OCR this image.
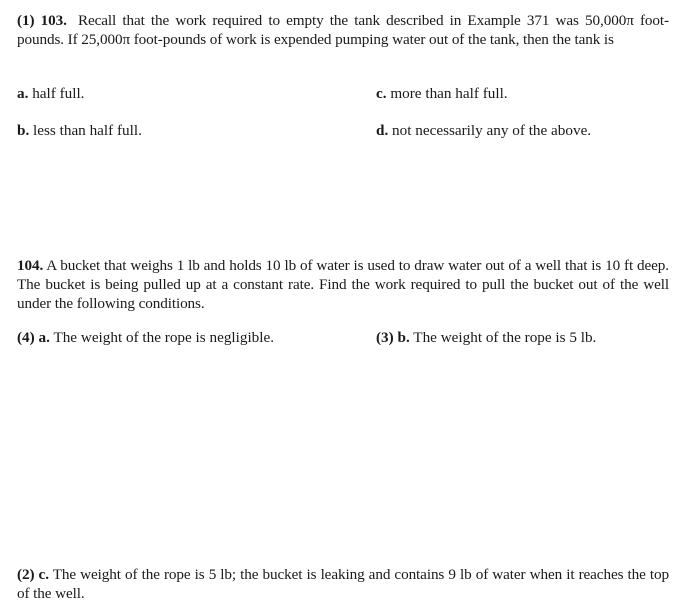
(1) 103. Recall that the work required to empty the tank described in Example 371 was 50,000π foot-pounds. If 25,000π foot-pounds of work is expended pumping water out of the tank, then the tank is
a. half full.
b. less than half full.
c. more than half full.
d. not necessarily any of the above.
104. A bucket that weighs 1 lb and holds 10 lb of water is used to draw water out of a well that is 10 ft deep. The bucket is being pulled up at a constant rate. Find the work required to pull the bucket out of the well under the following conditions.
(4) a. The weight of the rope is negligible.	(3) b. The weight of the rope is 5 lb.
(2) c. The weight of the rope is 5 lb; the bucket is leaking and contains 9 lb of water when it reaches the top of the well.
